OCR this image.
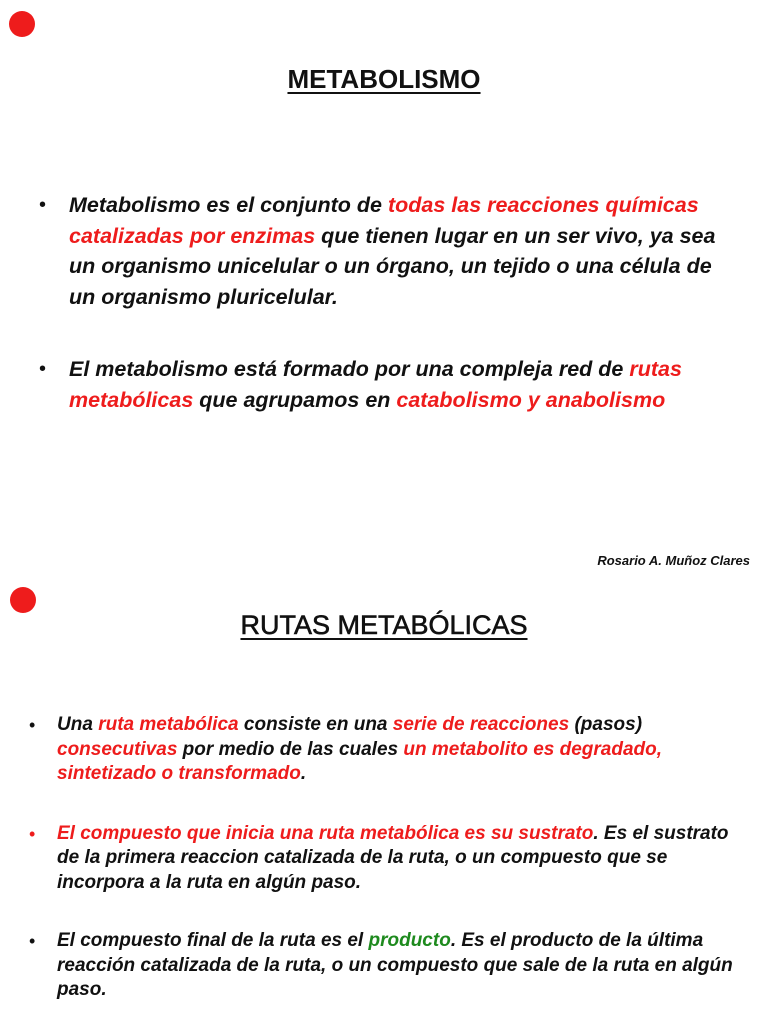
METABOLISMO
• Metabolismo es el conjunto de todas las reacciones químicas catalizadas por enzimas que tienen lugar en un ser vivo, ya sea un organismo unicelular o un órgano, un tejido o una célula de un organismo pluricelular.
• El metabolismo está formado por una compleja red de rutas metabólicas que agrupamos en catabolismo y anabolismo

Rosario A. Muñoz Clares

RUTAS METABÓLICAS
• Una ruta metabólica consiste en una serie de reacciones (pasos) consecutivas por medio de las cuales un metabolito es degradado, sintetizado o transformado.
• El compuesto que inicia una ruta metabólica es su sustrato. Es el sustrato de la primera reaccion catalizada de la ruta, o un compuesto que se incorpora a la ruta en algún paso.
• El compuesto final de la ruta es el producto. Es el producto de la última reacción catalizada de la ruta, o un compuesto que sale de la ruta en algún paso.
